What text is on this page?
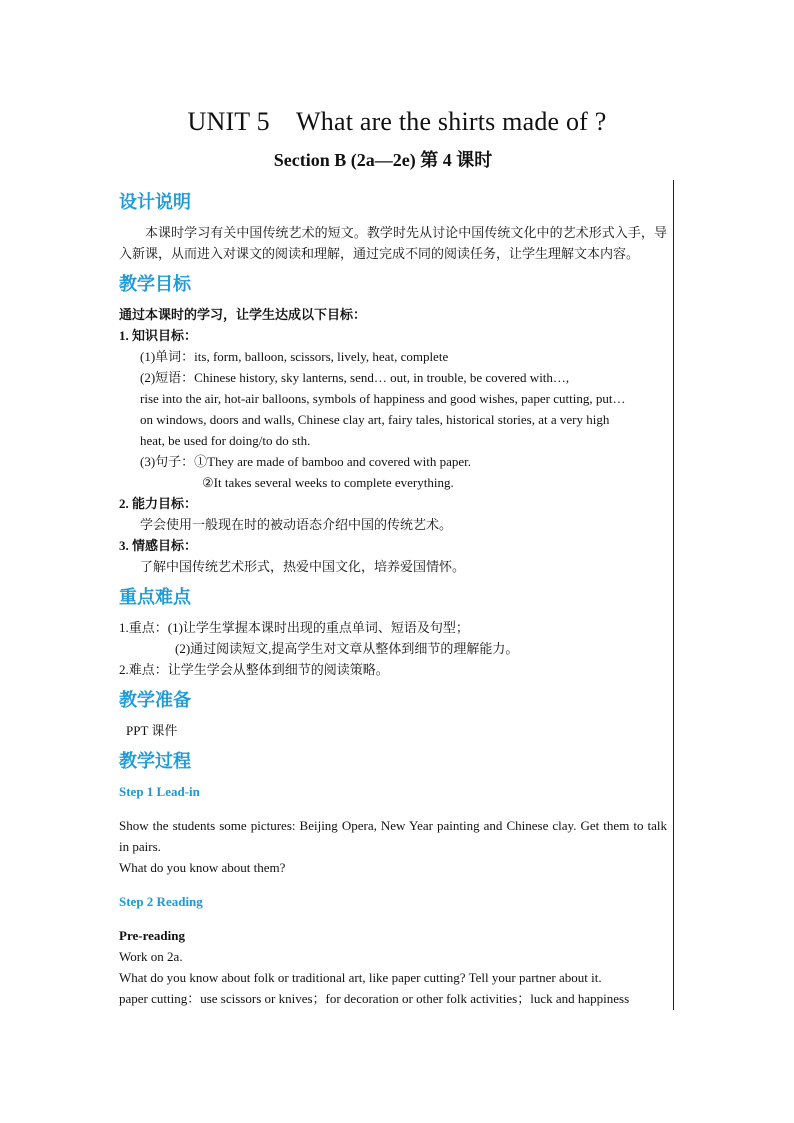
UNIT 5　What are the shirts made of ?
Section B (2a—2e) 第 4 课时
设计说明

本课时学习有关中国传统艺术的短文。教学时先从讨论中国传统文化中的艺术形式入手，导入新课，从而进入对课文的阅读和理解，通过完成不同的阅读任务，让学生理解文本内容。

教学目标

通过本课时的学习，让学生达成以下目标：

1. 知识目标：

(1)单词：its, form, balloon, scissors, lively, heat, complete

(2)短语：Chinese history, sky lanterns, send… out, in trouble, be covered with…,

rise into the air, hot-air balloons, symbols of happiness and good wishes, paper cutting, put…

on windows, doors and walls, Chinese clay art, fairy tales, historical stories, at a very high

heat, be used for doing/to do sth.

(3)句子：①They are made of bamboo and covered with paper.

②It takes several weeks to complete everything.

2. 能力目标：

学会使用一般现在时的被动语态介绍中国的传统艺术。

3. 情感目标：

了解中国传统艺术形式，热爱中国文化，培养爱国情怀。

重点难点

1.重点：(1)让学生掌握本课时出现的重点单词、短语及句型；

(2)通过阅读短文,提高学生对文章从整体到细节的理解能力。

2.难点：让学生学会从整体到细节的阅读策略。

教学准备

PPT 课件

教学过程

Step 1 Lead-in

Show the students some pictures: Beijing Opera, New Year painting and Chinese clay. Get them to talk in pairs.

What do you know about them?

Step 2 Reading

Pre-reading

Work on 2a.

What do you know about folk or traditional art, like paper cutting? Tell your partner about it.

paper cutting：use scissors or knives；for decoration or other folk activities；luck and happiness
